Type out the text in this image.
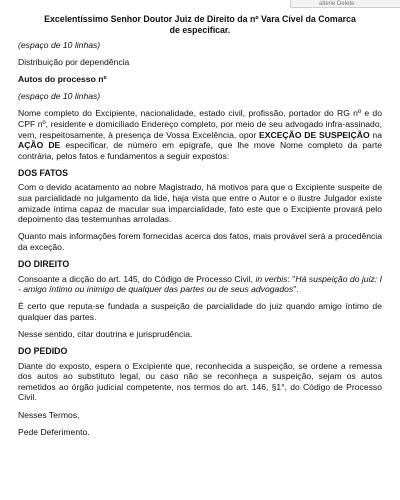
alterie Delete
Excelentíssimo Senhor Doutor Juiz de Direito da nº Vara Cível da Comarca
de especificar.

(espaço de 10 linhas)

Distribuição por dependência

Autos do processo nº

(espaço de 10 linhas)

Nome completo do Excipiente, nacionalidade, estado civil, profissão, portador do RG nº e do CPF nº, residente e domiciliado Endereço completo, por meio de seu advogado infra-assinado, vem, respeitosamente, à presença de Vossa Excelência, opor EXCEÇÃO DE SUSPEIÇÃO na AÇÃO DE especificar, de número em epígrafe, que lhe move Nome completo da parte contrária, pelos fatos e fundamentos a seguir expostos:

DOS FATOS

Com o devido acatamento ao nobre Magistrado, há motivos para que o Excipiente suspeite de sua parcialidade no julgamento da lide, haja vista que entre o Autor e o ilustre Julgador existe amizade íntima capaz de macular sua imparcialidade, fato este que o Excipiente provará pelo depoimento das testemunhas arroladas.

Quanto mais informações forem fornecidas acerca dos fatos, mais provável será a procedência da exceção.

DO DIREITO

Consoante a dicção do art. 145, do Código de Processo Civil, in verbis: "Há suspeição do juiz: I - amigo íntimo ou inimigo de qualquer das partes ou de seus advogados".

É certo que reputa-se fundada a suspeição de parcialidade do juiz quando amigo íntimo de qualquer das partes.

Nesse sentido, citar doutrina e jurisprudência.

DO PEDIDO

Diante do exposto, espera o Excipiente que, reconhecida a suspeição, se ordene a remessa dos autos ao substituto legal, ou caso não se reconheça a suspeição, sejam os autos remetidos ao órgão judicial competente, nos termos do art. 146, §1°, do Código de Processo Civil.

Nesses Termos,

Pede Deferimento.
